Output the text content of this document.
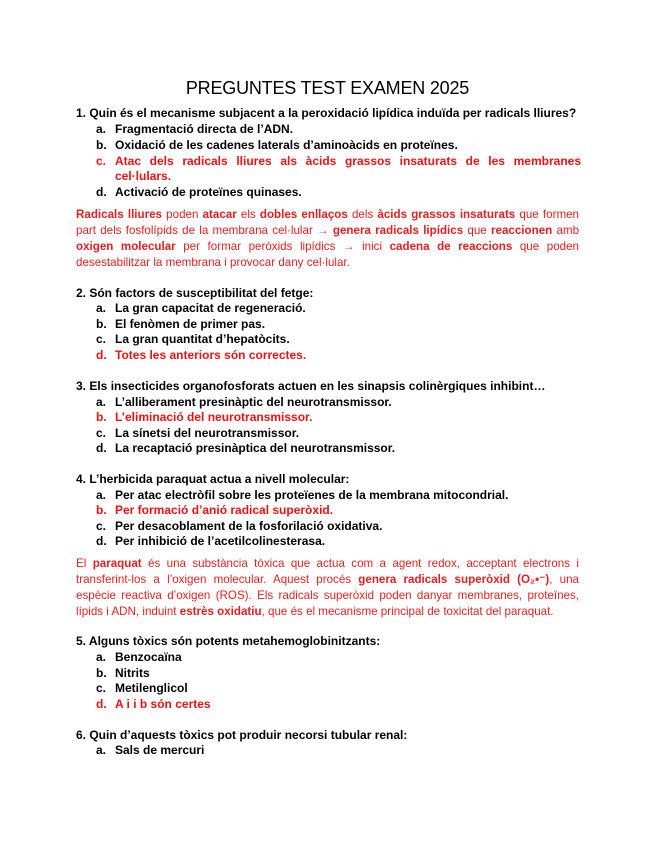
PREGUNTES TEST EXAMEN 2025
1. Quin és el mecanisme subjacent a la peroxidació lipídica induïda per radicals lliures?
a. Fragmentació directa de l’ADN.
b. Oxidació de les cadenes laterals d’aminoàcids en proteïnes.
c. Atac dels radicals lliures als àcids grassos insaturats de les membranes cel·lulars.
d. Activació de proteïnes quinases.
Radicals lliures poden atacar els dobles enllaços dels àcids grassos insaturats que formen part dels fosfolípids de la membrana cel·lular → genera radicals lipídics que reaccionen amb oxigen molecular per formar peròxids lipídics → inici cadena de reaccions que poden desestabilitzar la membrana i provocar dany cel·lular.
2. Són factors de susceptibilitat del fetge:
a. La gran capacitat de regeneració.
b. El fenòmen de primer pas.
c. La gran quantitat d’hepatòcits.
d. Totes les anteriors són correctes.
3. Els insecticides organofosforats actuen en les sinapsis colinèrgiques inhibint…
a. L’alliberament presinàptic del neurotransmissor.
b. L’eliminació del neurotransmissor.
c. La sínetsi del neurotransmissor.
d. La recaptació presinàptica del neurotransmissor.
4. L’herbicida paraquat actua a nivell molecular:
a. Per atac electròfil sobre les proteïenes de la membrana mitocondrial.
b. Per formació d’anió radical superòxid.
c. Per desacoblament de la fosforilació oxidativa.
d. Per inhibició de l’acetilcolinesterasa.
El paraquat és una substància tòxica que actua com a agent redox, acceptant electrons i transferint-los a l’oxigen molecular. Aquest procés genera radicals superòxid (O₂•⁻), una espècie reactiva d’oxigen (ROS). Els radicals superòxid poden danyar membranes, proteïnes, lípids i ADN, induint estrès oxidatiu, que és el mecanisme principal de toxicitat del paraquat.
5. Alguns tòxics són potents metahemoglobinitzants:
a. Benzocaïna
b. Nitrits
c. Metilenglicol
d. A i i b són certes
6. Quin d’aquests tòxics pot produir necorsi tubular renal:
a. Sals de mercuri
